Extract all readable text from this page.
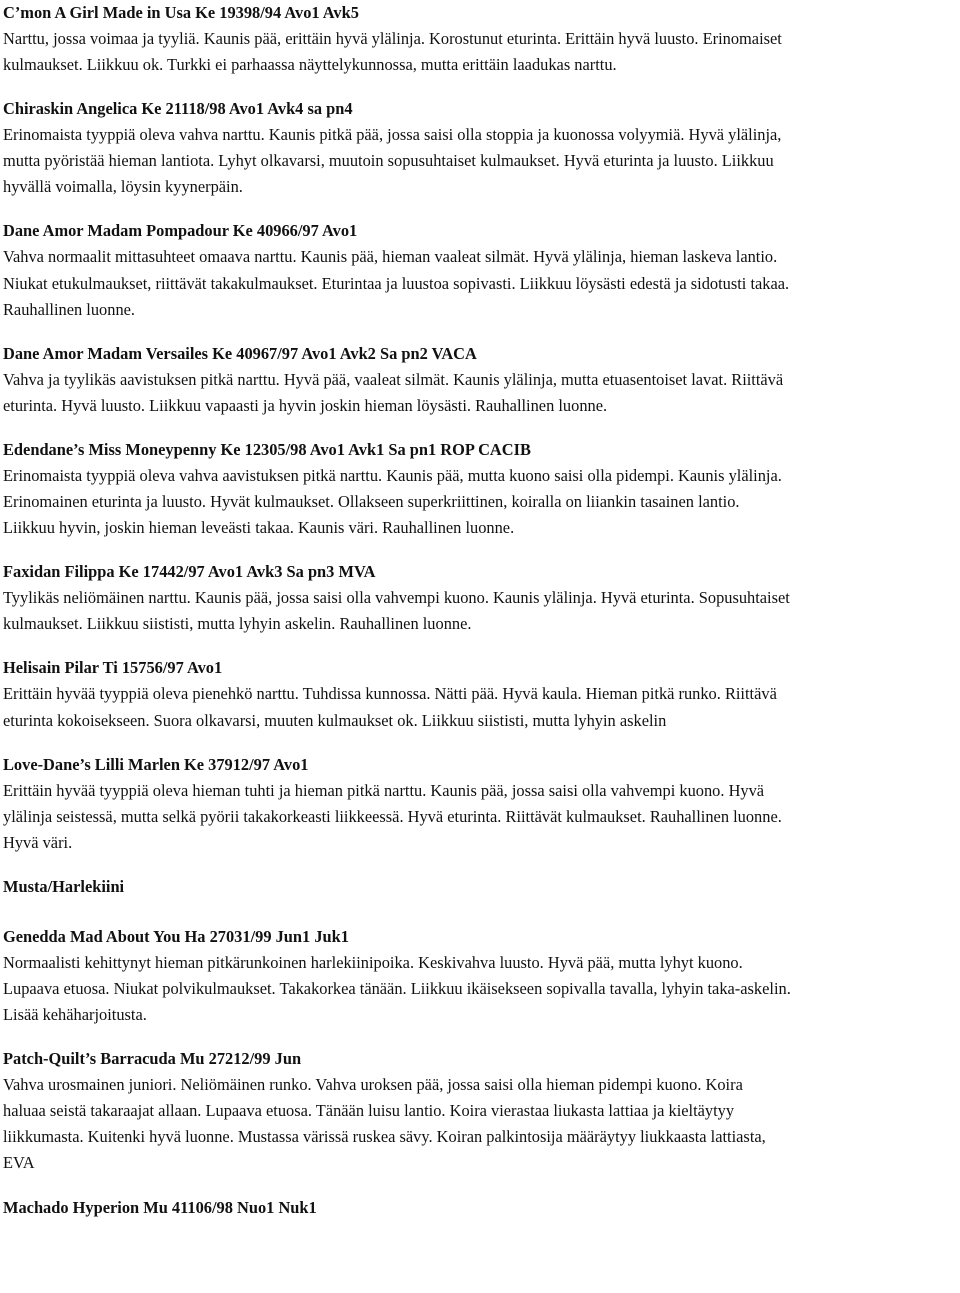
C’mon A Girl Made in Usa Ke 19398/94 Avo1 Avk5

Narttu, jossa voimaa ja tyyliä. Kaunis pää, erittäin hyvä ylälinja. Korostunut eturinta. Erittäin hyvä luusto. Erinomaiset
kulmaukset. Liikkuu ok. Turkki ei parhaassa näyttelykunnossa, mutta erittäin laadukas narttu.

Chiraskin Angelica Ke 21118/98 Avo1 Avk4 sa pn4

Erinomaista tyyppiä oleva vahva narttu. Kaunis pitkä pää, jossa saisi olla stoppia ja kuonossa volyymiä. Hyvä ylälinja,
mutta pyöristää hieman lantiota. Lyhyt olkavarsi, muutoin sopusuhtaiset kulmaukset. Hyvä eturinta ja luusto. Liikkuu
hyvällä voimalla, löysin kyynerpäin.

Dane Amor Madam Pompadour Ke 40966/97 Avo1

Vahva normaalit mittasuhteet omaava narttu. Kaunis pää, hieman vaaleat silmät. Hyvä ylälinja, hieman laskeva lantio.
Niukat etukulmaukset, riittävät takakulmaukset. Eturintaa ja luustoa sopivasti. Liikkuu löysästi edestä ja sidotusti takaa.
Rauhallinen luonne.

Dane Amor Madam Versailes Ke 40967/97 Avo1 Avk2 Sa pn2 VACA

Vahva ja tyylikäs aavistuksen pitkä narttu. Hyvä pää, vaaleat silmät. Kaunis ylälinja, mutta etuasentoiset lavat. Riittävä
eturinta. Hyvä luusto. Liikkuu vapaasti ja hyvin joskin hieman löysästi. Rauhallinen luonne.

Edendane’s Miss Moneypenny Ke 12305/98 Avo1 Avk1 Sa pn1 ROP CACIB

Erinomaista tyyppiä oleva vahva aavistuksen pitkä narttu. Kaunis pää, mutta kuono saisi olla pidempi. Kaunis ylälinja.
Erinomainen eturinta ja luusto. Hyvät kulmaukset. Ollakseen superkriittinen, koiralla on liiankin tasainen lantio.
Liikkuu hyvin, joskin hieman leveästi takaa. Kaunis väri. Rauhallinen luonne.

Faxidan Filippa Ke 17442/97 Avo1 Avk3 Sa pn3 MVA

Tyylikäs neliömäinen narttu. Kaunis pää, jossa saisi olla vahvempi kuono. Kaunis ylälinja. Hyvä eturinta. Sopusuhtaiset
kulmaukset. Liikkuu siististi, mutta lyhyin askelin. Rauhallinen luonne.

Helisain Pilar Ti 15756/97 Avo1

Erittäin hyvää tyyppiä oleva pienehkö narttu. Tuhdissa kunnossa. Nätti pää. Hyvä kaula. Hieman pitkä runko. Riittävä
eturinta kokoisekseen. Suora olkavarsi, muuten kulmaukset ok. Liikkuu siististi, mutta lyhyin askelin

Love-Dane’s Lilli Marlen Ke 37912/97 Avo1

Erittäin hyvää tyyppiä oleva hieman tuhti ja hieman pitkä narttu. Kaunis pää, jossa saisi olla vahvempi kuono. Hyvä
ylälinja seistessä, mutta selkä pyörii takakorkeasti liikkeessä. Hyvä eturinta. Riittävät kulmaukset. Rauhallinen luonne.
Hyvä väri.

Musta/Harlekiini
Genedda Mad About You Ha 27031/99 Jun1 Juk1

Normaalisti kehittynyt hieman pitkärunkoinen harlekiinipoika. Keskivahva luusto. Hyvä pää, mutta lyhyt kuono.
Lupaava etuosa. Niukat polvikulmaukset. Takakorkea tänään. Liikkuu ikäisekseen sopivalla tavalla, lyhyin taka-askelin.
Lisää kehäharjoitusta.

Patch-Quilt’s Barracuda Mu 27212/99 Jun

Vahva urosmainen juniori. Neliömäinen runko. Vahva uroksen pää, jossa saisi olla hieman pidempi kuono. Koira
haluaa seistä takaraajat allaan. Lupaava etuosa. Tänään luisu lantio. Koira vierastaa liukasta lattiaa ja kieltäytyy
liikkumasta. Kuitenki hyvä luonne. Mustassa värissä ruskea sävy. Koiran palkintosija määräytyy liukkaasta lattiasta,
EVA

Machado Hyperion Mu 41106/98 Nuo1 Nuk1
